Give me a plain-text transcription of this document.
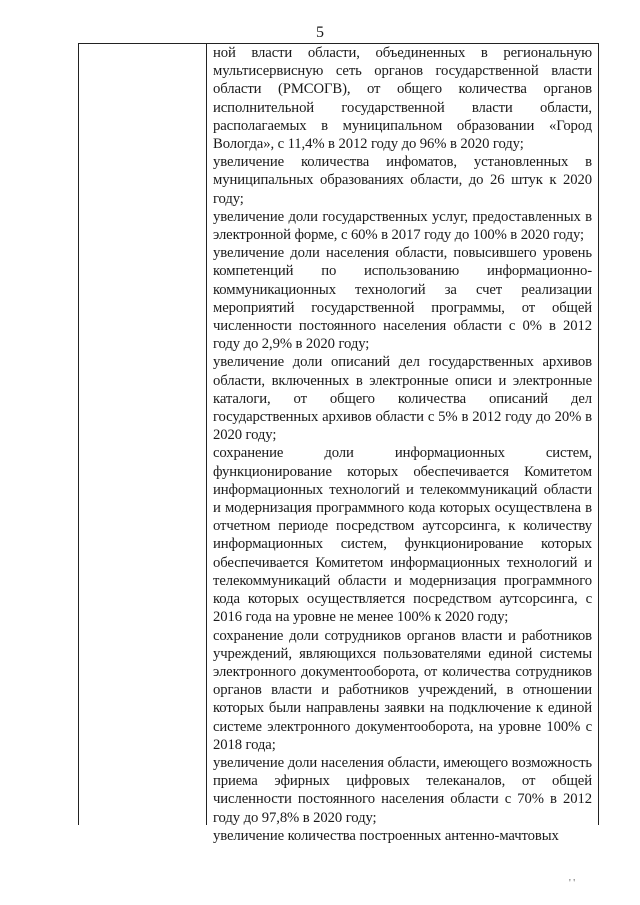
5

ной власти области, объединенных в региональную мультисервисную сеть органов государственной власти области (РМСОГВ), от общего количества органов исполнительной государственной власти области, располагаемых в муниципальном образовании «Город Вологда», с 11,4% в 2012 году до 96% в 2020 году;

увеличение количества инфоматов, установленных в муниципальных образованиях области, до 26 штук к 2020 году;

увеличение доли государственных услуг, предоставленных в электронной форме, с 60% в 2017 году до 100% в 2020 году;

увеличение доли населения области, повысившего уровень компетенций по использованию информационно-коммуникационных технологий за счет реализации мероприятий государственной программы, от общей численности постоянного населения области с 0% в 2012 году до 2,9% в 2020 году;

увеличение доли описаний дел государственных архивов области, включенных в электронные описи и электронные каталоги, от общего количества описаний дел государственных архивов области с 5% в 2012 году до 20% в 2020 году;

сохранение доли информационных систем, функционирование которых обеспечивается Комитетом информационных технологий и телекоммуникаций области и модернизация программного кода которых осуществлена в отчетном периоде посредством аутсорсинга, к количеству информационных систем, функционирование которых обеспечивается Комитетом информационных технологий и телекоммуникаций области и модернизация программного кода которых осуществляется посредством аутсорсинга, с 2016 года на уровне не менее 100% к 2020 году;

сохранение доли сотрудников органов власти и работников учреждений, являющихся пользователями единой системы электронного документооборота, от количества сотрудников органов власти и работников учреждений, в отношении которых были направлены заявки на подключение к единой системе электронного документооборота, на уровне 100% с 2018 года;

увеличение доли населения области, имеющего возможность приема эфирных цифровых телеканалов, от общей численности постоянного населения области с 70% в 2012 году до 97,8% в 2020 году;

увеличение количества построенных антенно-мачтовых

' '
